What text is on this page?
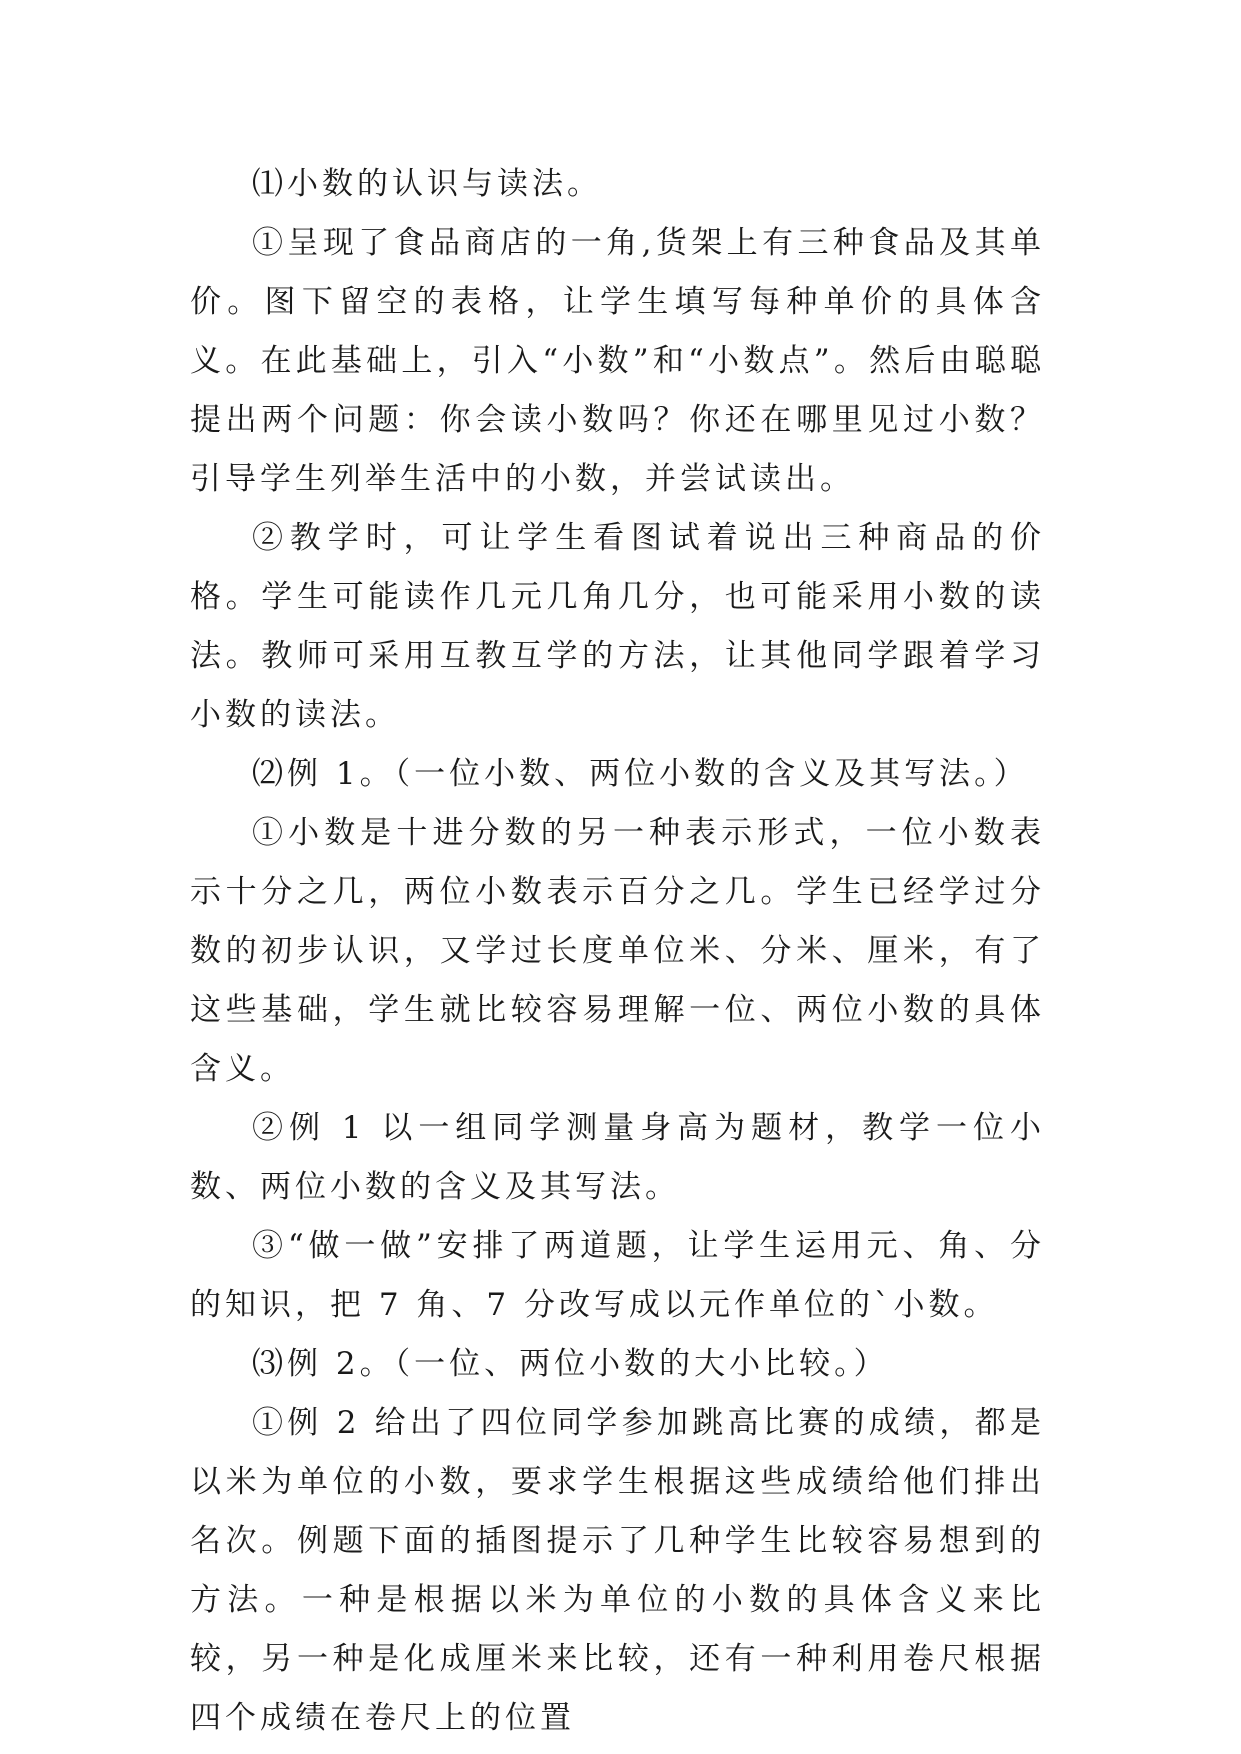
⑴小数的认识与读法。

①呈现了食品商店的一角,货架上有三种食品及其单价。图下留空的表格，让学生填写每种单价的具体含义。在此基础上，引入“小数”和“小数点”。然后由聪聪提出两个问题：你会读小数吗？你还在哪里见过小数？引导学生列举生活中的小数，并尝试读出。

②教学时，可让学生看图试着说出三种商品的价格。学生可能读作几元几角几分，也可能采用小数的读法。教师可采用互教互学的方法，让其他同学跟着学习小数的读法。

⑵例 1。（一位小数、两位小数的含义及其写法。）

①小数是十进分数的另一种表示形式，一位小数表示十分之几，两位小数表示百分之几。学生已经学过分数的初步认识，又学过长度单位米、分米、厘米，有了这些基础，学生就比较容易理解一位、两位小数的具体含义。

②例 1 以一组同学测量身高为题材，教学一位小数、两位小数的含义及其写法。

③“做一做”安排了两道题，让学生运用元、角、分的知识，把 7 角、7 分改写成以元作单位的`小数。

⑶例 2。（一位、两位小数的大小比较。）

①例 2 给出了四位同学参加跳高比赛的成绩，都是以米为单位的小数，要求学生根据这些成绩给他们排出名次。例题下面的插图提示了几种学生比较容易想到的方法。一种是根据以米为单位的小数的具体含义来比较，另一种是化成厘米来比较，还有一种利用卷尺根据四个成绩在卷尺上的位置
